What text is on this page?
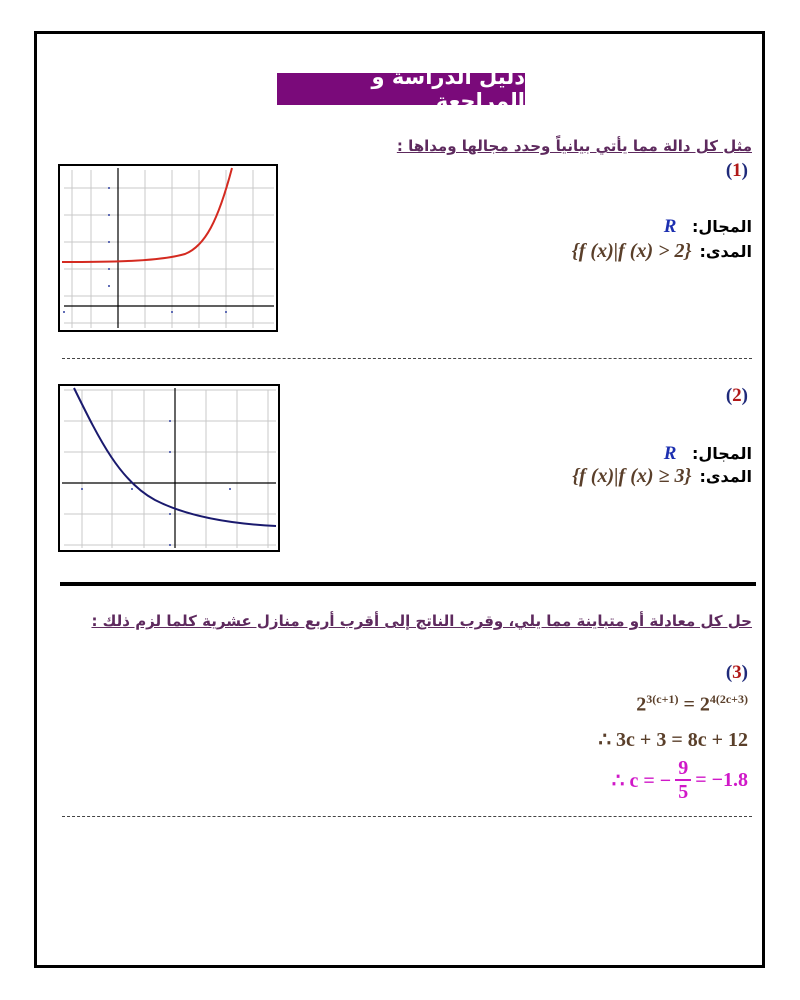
دليل الدراسة و المراجعة
مثل كل دالة مما يأتي بيانياً وحدد مجالها ومداها :
(1)
المجال: R
{f (x)|f (x) > 2} المدى:
(2)
المجال: R
{f (x)|f (x) ≥ 3} المدى:
حل كل معادلة أو متباينة مما يلي، وقرب الناتج إلى أقرب أربع منازل عشرية كلما لزم ذلك :
(3)
$2^{3(c+1)} = 2^{4(2c+3)}$
∴ 3c + 3 = 8c + 12
∴ c = − $\frac{9}{5} = -1.8$
